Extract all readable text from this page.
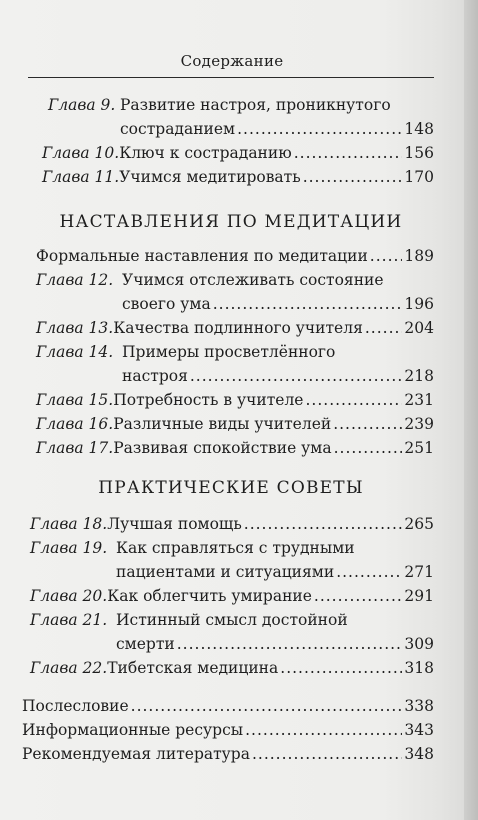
Содержание
Глава 9. Развитие настроя, проникнутого
состраданием .....	148
Глава 10. Ключ к состраданию .....	156
Глава 11. Учимся медитировать .....	170
НАСТАВЛЕНИЯ ПО МЕДИТАЦИИ
Формальные наставления по медитации ..... 189
Глава 12. Учимся отслеживать состояние
своего ума .....	196
Глава 13. Качества подлинного учителя .....	204
Глава 14. Примеры просветлённого
настроя .....	218
Глава 15. Потребность в учителе .....	231
Глава 16. Различные виды учителей .....	239
Глава 17. Развивая спокойствие ума .....	251
ПРАКТИЧЕСКИЕ СОВЕТЫ
Глава 18. Лучшая помощь .....	265
Глава 19. Как справляться с трудными
пациентами и ситуациями .....	271
Глава 20. Как облегчить умирание .....	291
Глава 21. Истинный смысл достойной
смерти .....	309
Глава 22. Тибетская медицина .....	318
Послесловие .....	338
Информационные ресурсы .....	343
Рекомендуемая литература .....	348
